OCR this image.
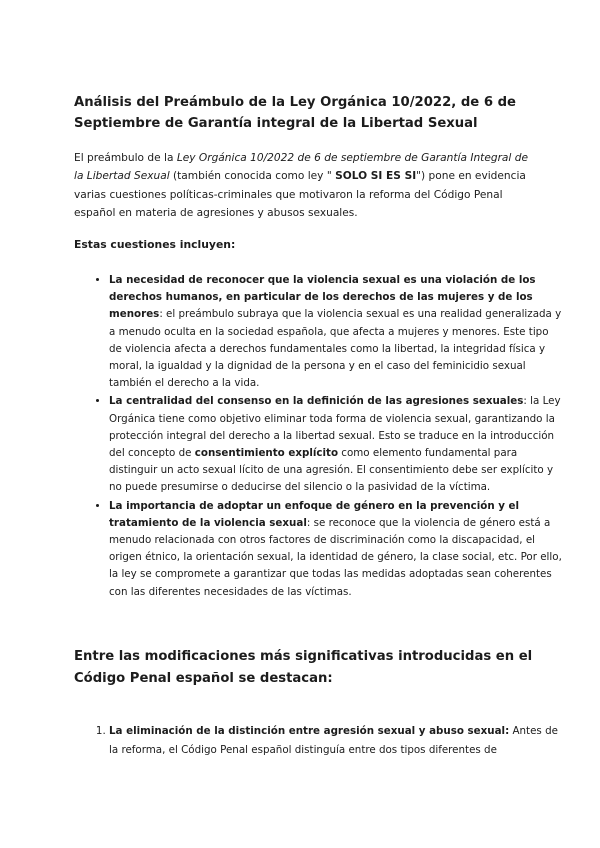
Análisis del Preámbulo de la Ley Orgánica 10/2022, de 6 de Septiembre de Garantía integral de la Libertad Sexual

El preámbulo de la Ley Orgánica 10/2022 de 6 de septiembre de Garantía Integral de la Libertad Sexual (también conocida como ley " SOLO SI ES SI") pone en evidencia varias cuestiones políticas-criminales que motivaron la reforma del Código Penal español en materia de agresiones y abusos sexuales.

Estas cuestiones incluyen:

• La necesidad de reconocer que la violencia sexual es una violación de los derechos humanos, en particular de los derechos de las mujeres y de los menores: el preámbulo subraya que la violencia sexual es una realidad generalizada y a menudo oculta en la sociedad española, que afecta a mujeres y menores. Este tipo de violencia afecta a derechos fundamentales como la libertad, la integridad física y moral, la igualdad y la dignidad de la persona y en el caso del feminicidio sexual también el derecho a la vida.
• La centralidad del consenso en la definición de las agresiones sexuales: la Ley Orgánica tiene como objetivo eliminar toda forma de violencia sexual, garantizando la protección integral del derecho a la libertad sexual. Esto se traduce en la introducción del concepto de consentimiento explícito como elemento fundamental para distinguir un acto sexual lícito de una agresión. El consentimiento debe ser explícito y no puede presumirse o deducirse del silencio o la pasividad de la víctima.
• La importancia de adoptar un enfoque de género en la prevención y el tratamiento de la violencia sexual: se reconoce que la violencia de género está a menudo relacionada con otros factores de discriminación como la discapacidad, el origen étnico, la orientación sexual, la identidad de género, la clase social, etc. Por ello, la ley se compromete a garantizar que todas las medidas adoptadas sean coherentes con las diferentes necesidades de las víctimas.
Entre las modificaciones más significativas introducidas en el Código Penal español se destacan:
1. La eliminación de la distinción entre agresión sexual y abuso sexual: Antes de la reforma, el Código Penal español distinguía entre dos tipos diferentes de
